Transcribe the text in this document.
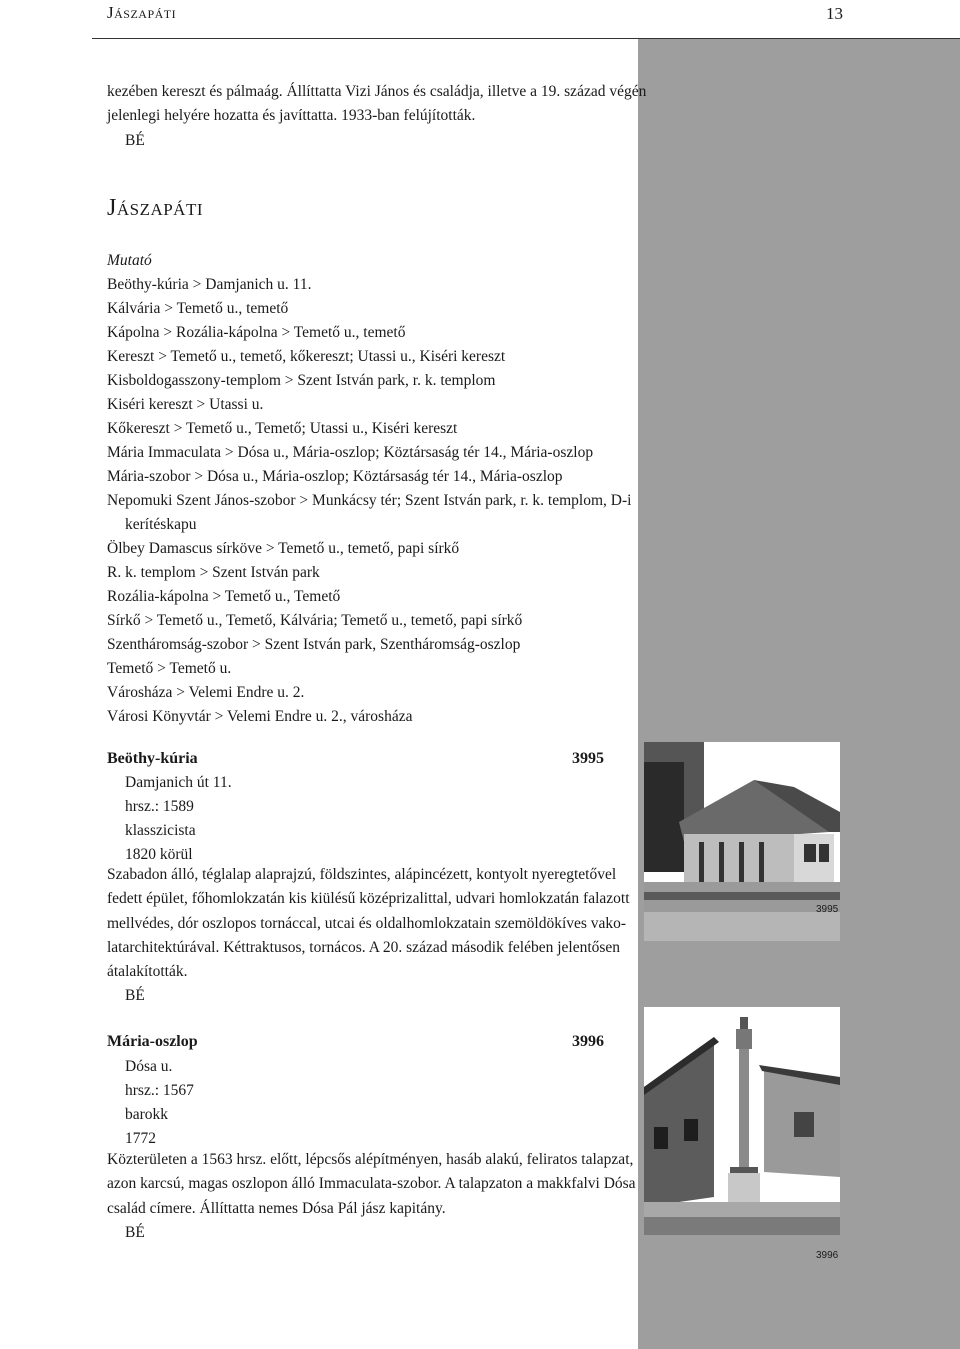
Jászapáti	13
kezében kereszt és pálmaág. Állíttatta Vizi János és családja, illetve a 19. század végén
jelenlegi helyére hozatta és javíttatta. 1933-ban felújították.
BÉ
Jászapáti
Mutató
Beöthy-kúria > Damjanich u. 11.
Kálvária > Temető u., temető
Kápolna > Rozália-kápolna > Temető u., temető
Kereszt > Temető u., temető, kőkereszt; Utassi u., Kiséri kereszt
Kisboldogasszony-templom > Szent István park, r. k. templom
Kiséri kereszt > Utassi u.
Kőkereszt > Temető u., Temető; Utassi u., Kiséri kereszt
Mária Immaculata > Dósa u., Mária-oszlop; Köztársaság tér 14., Mária-oszlop
Mária-szobor > Dósa u., Mária-oszlop; Köztársaság tér 14., Mária-oszlop
Nepomuki Szent János-szobor > Munkácsy tér; Szent István park, r. k. templom, D-i
kerítéskapu
Ölbey Damascus sírköve > Temető u., temető, papi sírkő
R. k. templom > Szent István park
Rozália-kápolna > Temető u., Temető
Sírkő > Temető u., Temető, Kálvária; Temető u., temető, papi sírkő
Szentháromság-szobor > Szent István park, Szentháromság-oszlop
Temető > Temető u.
Városháza > Velemi Endre u. 2.
Városi Könyvtár > Velemi Endre u. 2., városháza
Beöthy-kúria	3995
Damjanich út 11.
hrsz.: 1589
klasszicista
1820 körül
Szabadon álló, téglalap alaprajzú, földszintes, alápincézett, kontyolt nyeregtetővel
fedett épület, főhomlokzatán kis kiülésű középrizalittal, udvari homlokzatán falazott
mellvédes, dór oszlopos tornáccal, utcai és oldalhomlokzatain szemöldökíves vako-
latarchitektúrával. Kéttraktusos, tornácos. A 20. század második felében jelentősen
átalakították.
BÉ
3995
Mária-oszlop	3996
Dósa u.
hrsz.: 1567
barokk
1772
Közterületen a 1563 hrsz. előtt, lépcsős alépítményen, hasáb alakú, feliratos talapzat,
azon karcsú, magas oszlopon álló Immaculata-szobor. A talapzaton a makkfalvi Dósa
család címere. Állíttatta nemes Dósa Pál jász kapitány.
BÉ
3996
